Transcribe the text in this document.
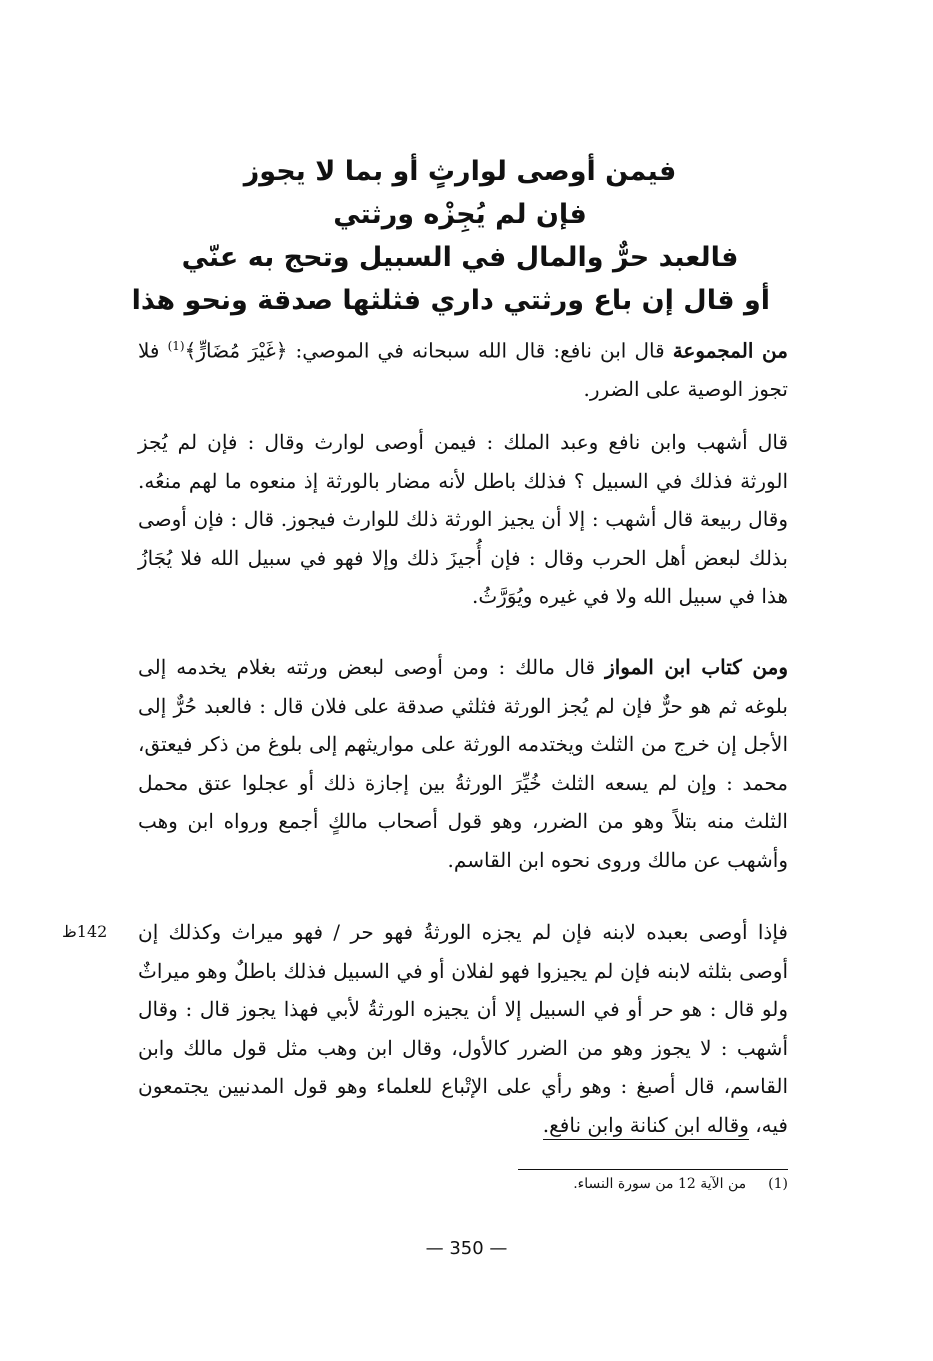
فيمن أوصى لوارثٍ أو بما لا يجوز
فإن لم يُجِزْه ورثتي
فالعبد حرٌّ والمال في السبيل وتحج به عنّي
أو قال إن باع ورثتي داري فثلثها صدقة ونحو هذا

من المجموعة قال ابن نافع: قال الله سبحانه في الموصي: ﴿غَيْرَ مُضَارٍّ﴾$^{(1)}$ فلا تجوز الوصية على الضرر.

قال أشهب وابن نافع وعبد الملك : فيمن أوصى لوارث وقال : فإن لم يُجز الورثة فذلك في السبيل ؟ فذلك باطل لأنه مضار بالورثة إذ منعوه ما لهم منعُه. وقال ربيعة قال أشهب : إلا أن يجيز الورثة ذلك للوارث فيجوز. قال : فإن أوصى بذلك لبعض أهل الحرب وقال : فإن أُجيزَ ذلك وإلا فهو في سبيل الله فلا يُجَازُ هذا في سبيل الله ولا في غيره ويُوَرَّثُ.

ومن كتاب ابن المواز قال مالك : ومن أوصى لبعض ورثته بغلام يخدمه إلى بلوغه ثم هو حرٌّ فإن لم يُجز الورثة فثلثي صدقة على فلان قال : فالعبد حُرٌّ إلى الأجل إن خرج من الثلث ويختدمه الورثة على مواريثهم إلى بلوغ من ذكر فيعتق، محمد : وإن لم يسعه الثلث خُيِّرَ الورثةُ بين إجازة ذلك أو عجلوا عتق محمل الثلث منه بتلاً وهو من الضرر، وهو قول أصحاب مالكٍ أجمع ورواه ابن وهب وأشهب عن مالك وروى نحوه ابن القاسم.

فإذا أوصى بعبده لابنه فإن لم يجزه الورثةُ فهو حر / فهو ميراث وكذلك إن أوصى بثلثه لابنه فإن لم يجيزوا فهو لفلان أو في السبيل فذلك باطلٌ وهو ميراثٌ ولو قال : هو حر أو في السبيل إلا أن يجيزه الورثةُ لأبي فهذا يجوز قال : وقال أشهب : لا يجوز وهو من الضرر كالأول، وقال ابن وهب مثل قول مالك وابن القاسم، قال أصبغ : وهو رأي على الإتْباع للعلماء وهو قول المدنيين يجتمعون فيه، وقاله ابن كنانة وابن نافع.

142ظ
(1)من الآية 12 من سورة النساء.
— 350 —
